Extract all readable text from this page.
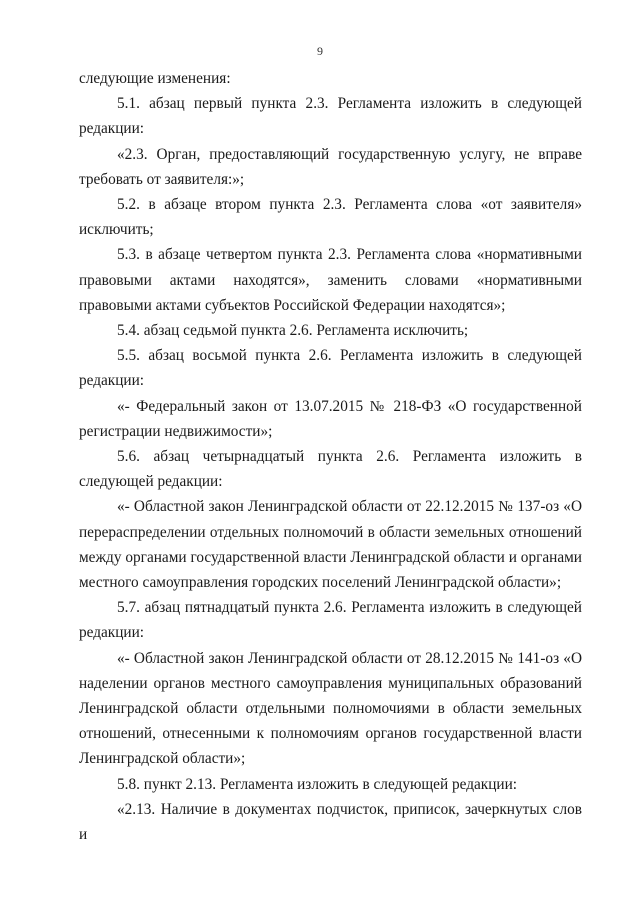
9

следующие изменения:

5.1. абзац первый пункта 2.3. Регламента изложить в следующей редакции:

«2.3. Орган, предоставляющий государственную услугу, не вправе требовать от заявителя:»;

5.2. в абзаце втором пункта 2.3. Регламента слова «от заявителя» исключить;

5.3. в абзаце четвертом пункта 2.3. Регламента слова «нормативными правовыми актами находятся», заменить словами «нормативными правовыми актами субъектов Российской Федерации находятся»;

5.4. абзац седьмой пункта 2.6. Регламента исключить;

5.5. абзац восьмой пункта 2.6. Регламента изложить в следующей редакции:

«- Федеральный закон от 13.07.2015 № 218-ФЗ «О государственной регистрации недвижимости»;

5.6. абзац четырнадцатый пункта 2.6. Регламента изложить в следующей редакции:

«- Областной закон Ленинградской области от 22.12.2015 № 137-оз «О перераспределении отдельных полномочий в области земельных отношений между органами государственной власти Ленинградской области и органами местного самоуправления городских поселений Ленинградской области»;

5.7. абзац пятнадцатый пункта 2.6. Регламента изложить в следующей редакции:

«- Областной закон Ленинградской области от 28.12.2015 № 141-оз «О наделении органов местного самоуправления муниципальных образований Ленинградской области отдельными полномочиями в области земельных отношений, отнесенными к полномочиям органов государственной власти Ленинградской области»;

5.8. пункт 2.13. Регламента изложить в следующей редакции:

«2.13. Наличие в документах подчисток, приписок, зачеркнутых слов и
